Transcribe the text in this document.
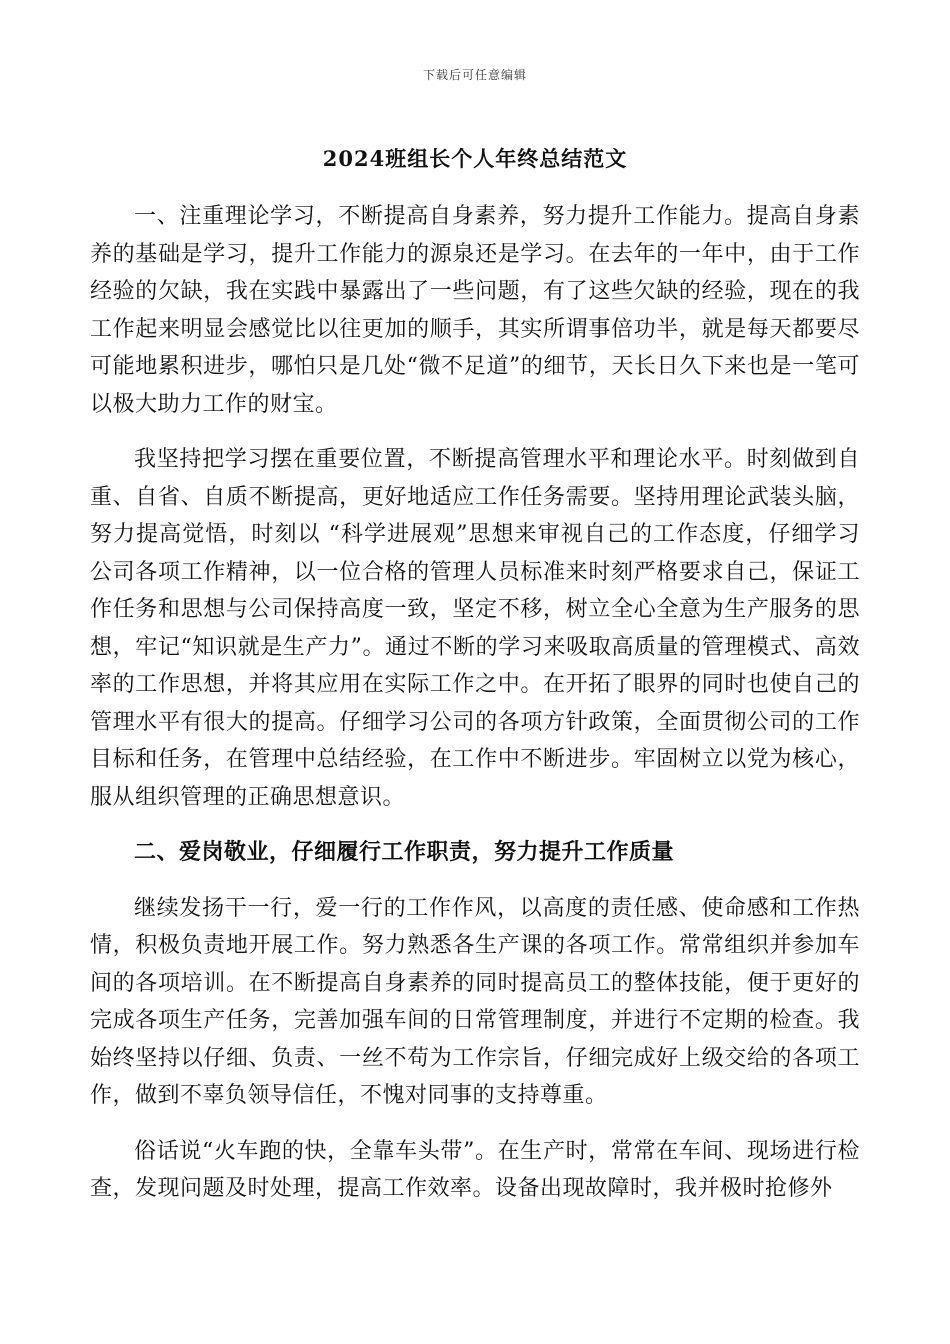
下载后可任意编辑
2024班组长个人年终总结范文

一、注重理论学习，不断提高自身素养，努力提升工作能力。提高自身素养的基础是学习，提升工作能力的源泉还是学习。在去年的一年中，由于工作经验的欠缺，我在实践中暴露出了一些问题，有了这些欠缺的经验，现在的我工作起来明显会感觉比以往更加的顺手，其实所谓事倍功半，就是每天都要尽可能地累积进步，哪怕只是几处“微不足道”的细节，天长日久下来也是一笔可以极大助力工作的财宝。

我坚持把学习摆在重要位置，不断提高管理水平和理论水平。时刻做到自重、自省、自质不断提高，更好地适应工作任务需要。坚持用理论武装头脑，努力提高觉悟，时刻以 “科学进展观”思想来审视自己的工作态度，仔细学习公司各项工作精神，以一位合格的管理人员标准来时刻严格要求自己，保证工作任务和思想与公司保持高度一致，坚定不移，树立全心全意为生产服务的思想，牢记“知识就是生产力”。通过不断的学习来吸取高质量的管理模式、高效率的工作思想，并将其应用在实际工作之中。在开拓了眼界的同时也使自己的管理水平有很大的提高。仔细学习公司的各项方针政策，全面贯彻公司的工作目标和任务，在管理中总结经验，在工作中不断进步。牢固树立以党为核心，服从组织管理的正确思想意识。

二、爱岗敬业，仔细履行工作职责，努力提升工作质量

继续发扬干一行，爱一行的工作作风，以高度的责任感、使命感和工作热情，积极负责地开展工作。努力熟悉各生产课的各项工作。常常组织并参加车间的各项培训。在不断提高自身素养的同时提高员工的整体技能，便于更好的完成各项生产任务，完善加强车间的日常管理制度，并进行不定期的检查。我始终坚持以仔细、负责、一丝不苟为工作宗旨，仔细完成好上级交给的各项工作，做到不辜负领导信任，不愧对同事的支持尊重。

俗话说“火车跑的快，全靠车头带”。在生产时，常常在车间、现场进行检查，发现问题及时处理，提高工作效率。设备出现故障时，我并极时抢修外
